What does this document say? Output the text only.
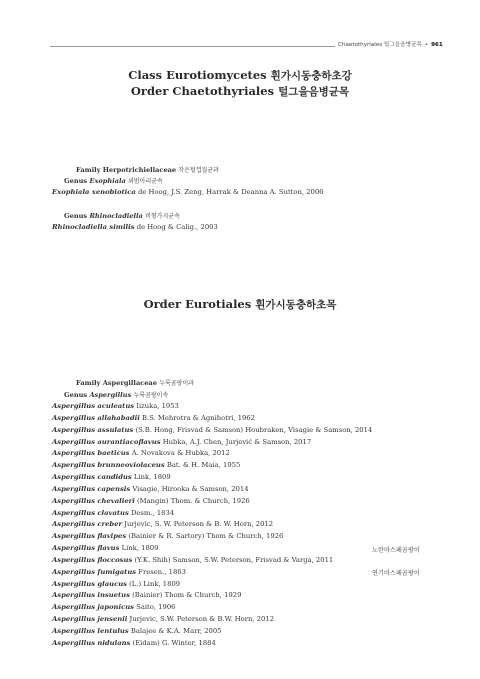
Chaetothyriales 털그을음병균목 • 961
Class Eurotiomycetes 휜가시동충하초강
Order Chaetothyriales 털그을음병균목
Family Herpotrichiellaceae 작은털껍질균과
Genus Exophiala 외밤아리균속
Exophiala xenobiotica de Hoog, J.S. Zeng, Harrak & Deanna A. Sutton, 2006
Genus Rhinocladiella 비형가지균속
Rhinocladiella similis de Hoog & Calig., 2003
Order Eurotiales 휜가시동충하초목
Family Aspergillaceae 누룩곰팡이과
Genus Aspergillus 누룩곰팡이속
Aspergillus aculeatus Iizuka, 1953
Aspergillus allahabadii B.S. Mehrotra & Agnihotri, 1962
Aspergillus assulatus (S.B. Hong, Frisvad & Samson) Houbraken, Visagie & Samson, 2014
Aspergillus aurantiacoflavus Hubka, A.J. Chen, Jurjević & Samson, 2017
Aspergillus baeticus A. Novakova & Hubka, 2012
Aspergillus brunneoviolaceus Bat. & H. Maia, 1955
Aspergillus candidus Link, 1809
Aspergillus capensis Visagie, Hirooka & Samson, 2014
Aspergillus chevalieri (Mangin) Thom. & Church, 1926
Aspergillus clavatus Desm., 1834
Aspergillus creber Jurjevic, S. W. Peterson & B. W. Horn, 2012
Aspergillus flavipes (Bainier & R. Sartory) Thom & Church, 1926
Aspergillus flavus Link, 1809	노란마스페곰팡이
Aspergillus floccosus (Y.K. Shih) Samson, S.W. Peterson, Frisvad & Varga, 2011
Aspergillus fumigatus Fresen., 1863	연기마스페곰팡이
Aspergillus glaucus (L.) Link, 1809
Aspergillus insuetus (Bainier) Thom & Church, 1929
Aspergillus japonicus Saito, 1906
Aspergillus jensenii Jurjevic, S.W. Peterson & B.W. Horn, 2012
Aspergillus lentulus Balajee & K.A. Marr, 2005
Aspergillus nidulans (Eidam) G. Winter, 1884
